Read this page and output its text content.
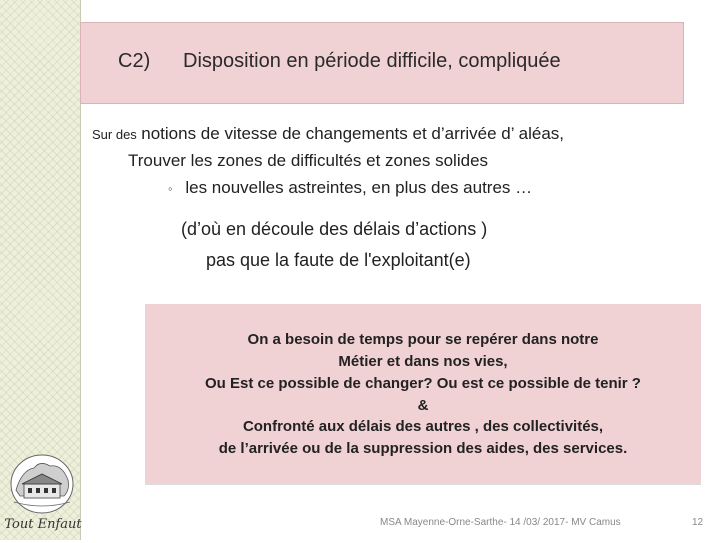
C2) Disposition en période difficile, compliquée
Sur des notions de vitesse de changements et d’arrivée d’ aléas,
Trouver les zones de difficultés et zones solides
◦ les nouvelles astreintes, en plus des autres …
(d’où en découle des délais d’actions )
pas que la faute de l'exploitant(e)
On a besoin de temps pour se repérer dans notre
Métier et dans nos vies,
Ou Est ce possible de changer? Ou est ce possible de tenir ?
&
Confronté aux délais des autres , des collectivités,
de l’arrivée ou de la suppression des aides, des services.
Tout Enfaut	MSA Mayenne-Orne-Sarthe- 14 /03/ 2017- MV Camus	12
